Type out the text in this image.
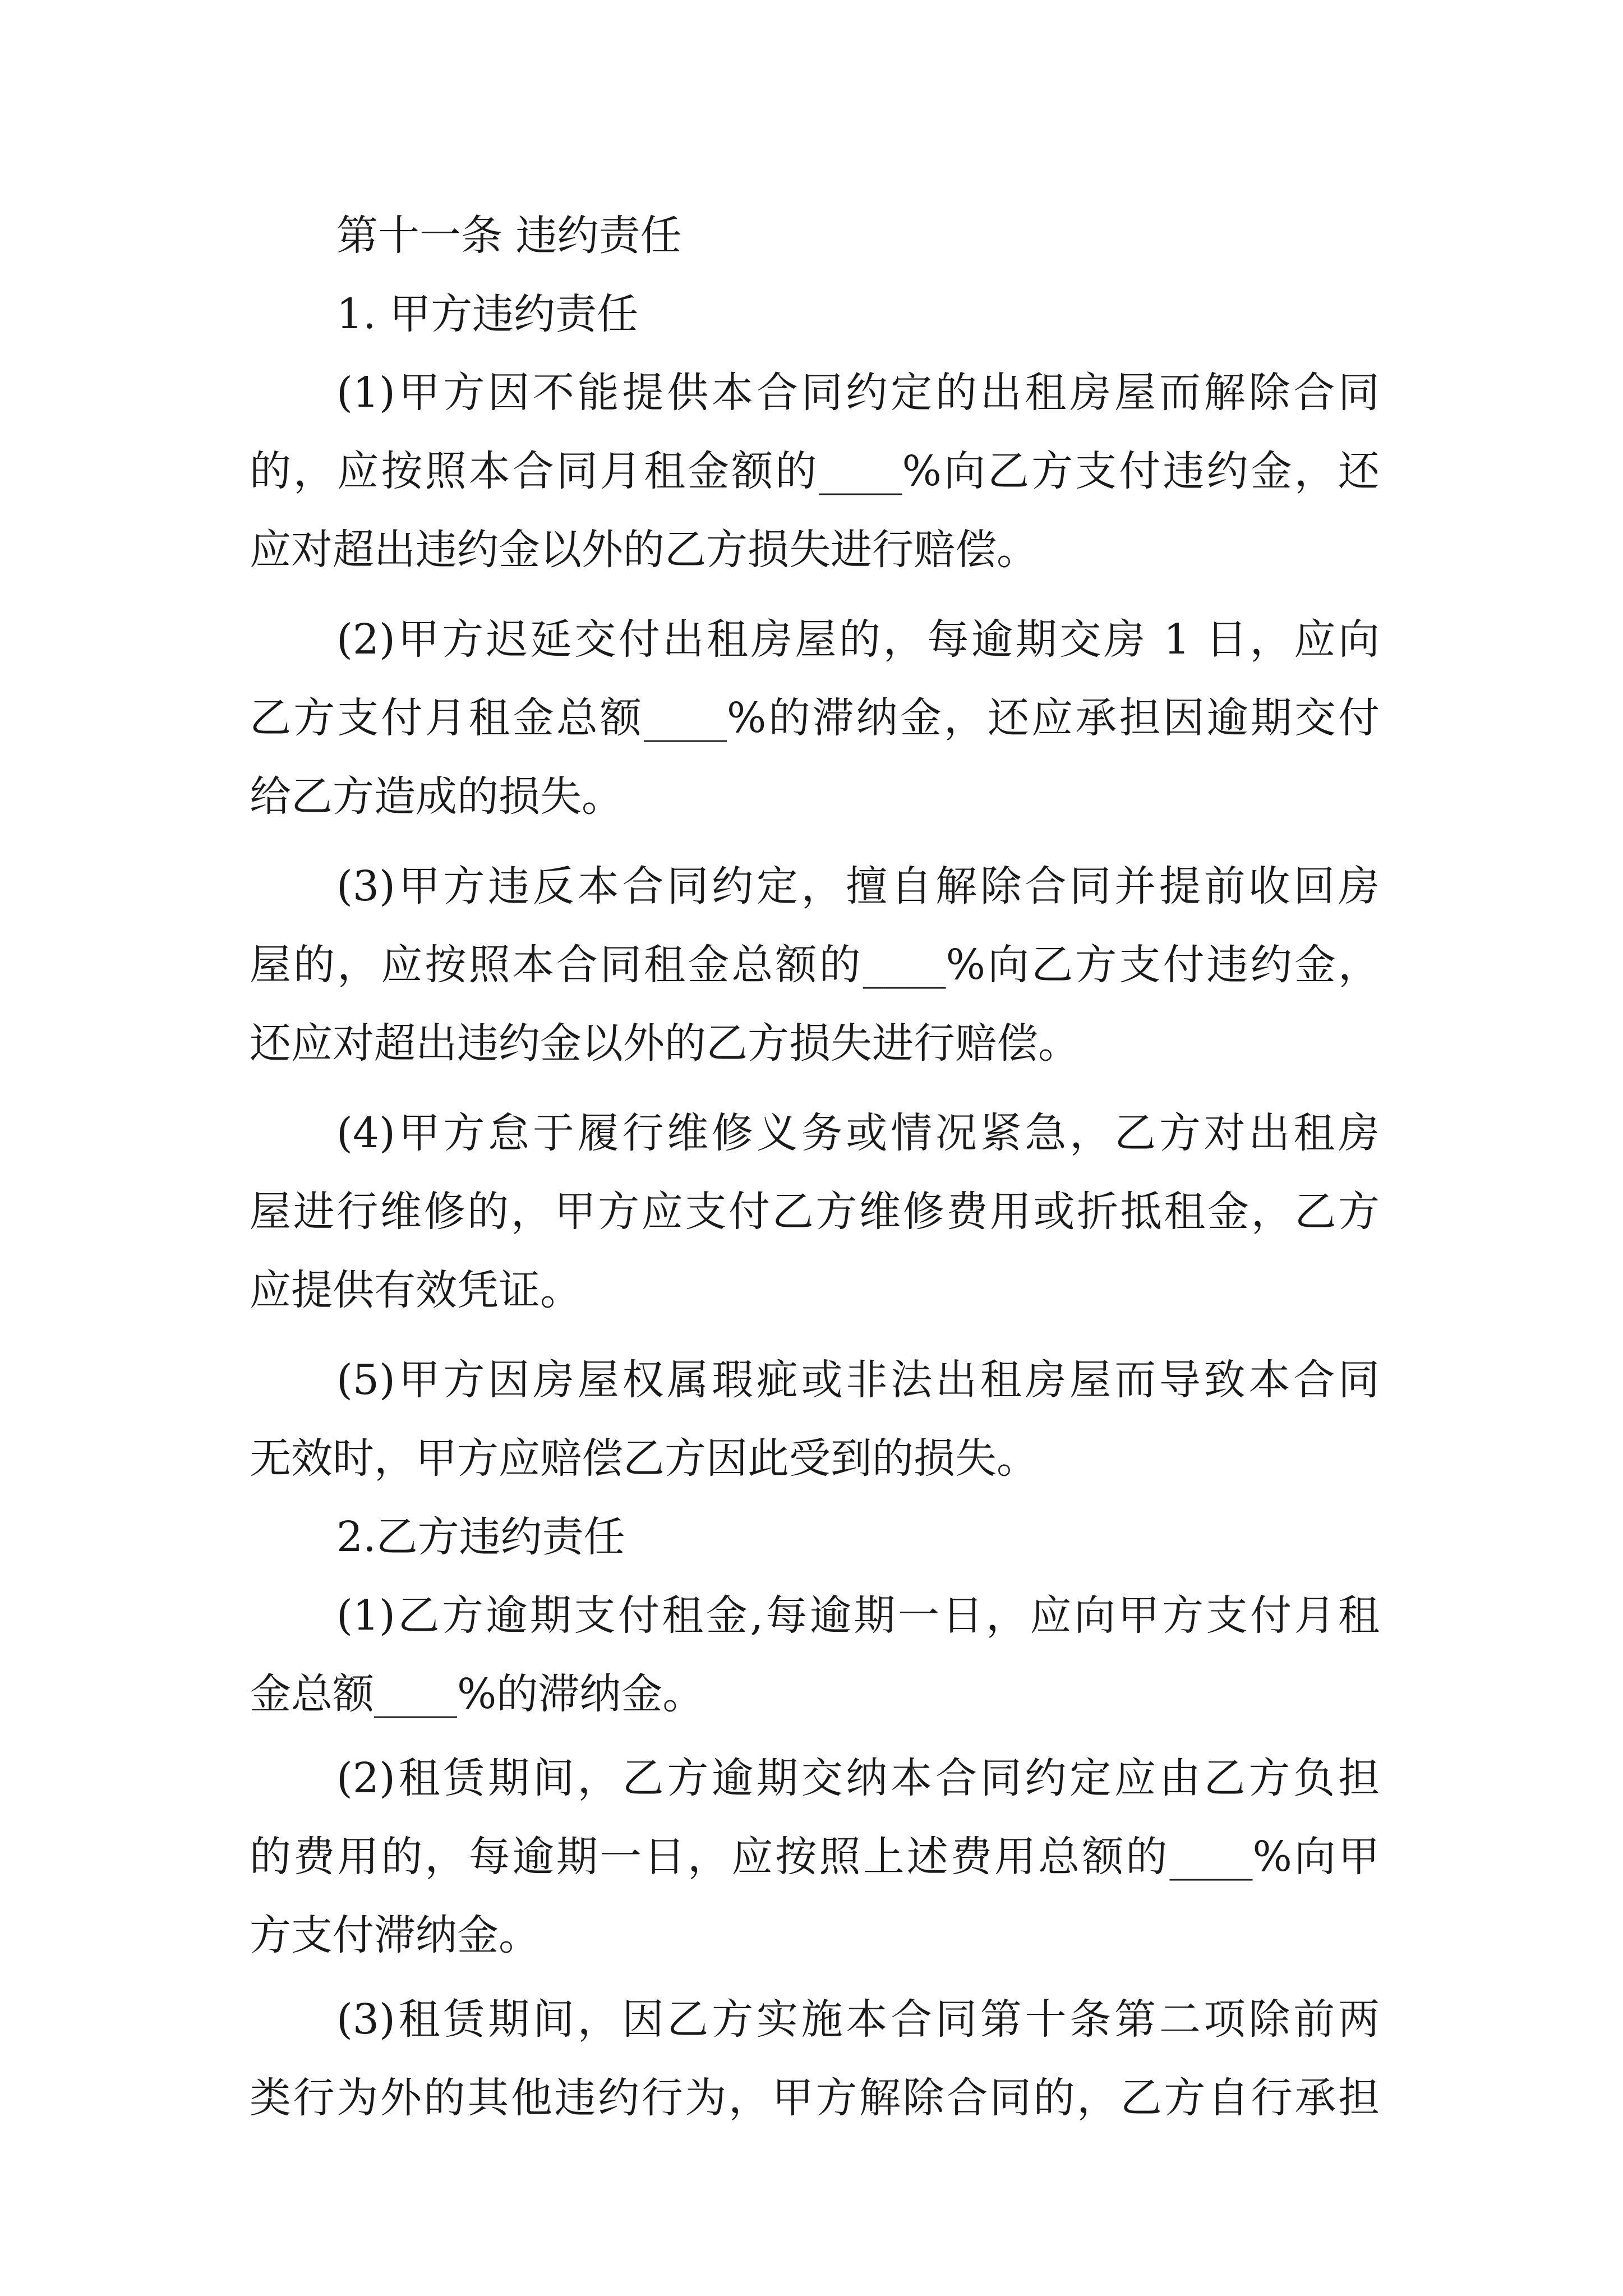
第十一条 违约责任
1. 甲方违约责任
(1)甲方因不能提供本合同约定的出租房屋而解除合同
的，应按照本合同月租金额的____%向乙方支付违约金，还
应对超出违约金以外的乙方损失进行赔偿。
(2)甲方迟延交付出租房屋的，每逾期交房 1 日，应向
乙方支付月租金总额____%的滞纳金，还应承担因逾期交付
给乙方造成的损失。
(3)甲方违反本合同约定，擅自解除合同并提前收回房
屋的，应按照本合同租金总额的____%向乙方支付违约金，
还应对超出违约金以外的乙方损失进行赔偿。
(4)甲方怠于履行维修义务或情况紧急，乙方对出租房
屋进行维修的，甲方应支付乙方维修费用或折抵租金，乙方
应提供有效凭证。
(5)甲方因房屋权属瑕疵或非法出租房屋而导致本合同
无效时，甲方应赔偿乙方因此受到的损失。
2.乙方违约责任
(1)乙方逾期支付租金,每逾期一日，应向甲方支付月租
金总额____%的滞纳金。
(2)租赁期间，乙方逾期交纳本合同约定应由乙方负担
的费用的，每逾期一日，应按照上述费用总额的____%向甲
方支付滞纳金。
(3)租赁期间，因乙方实施本合同第十条第二项除前两
类行为外的其他违约行为，甲方解除合同的，乙方自行承担
